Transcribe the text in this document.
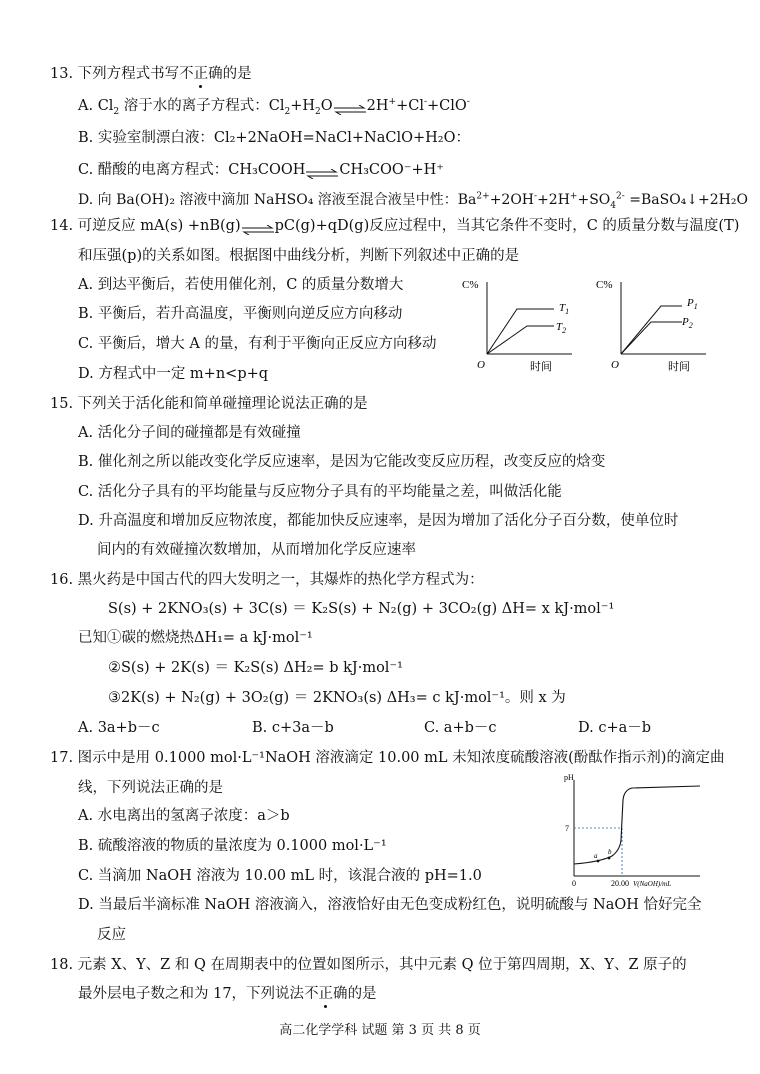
13. 下列方程式书写不正确的是
A. $Cl_2$ 溶于水的离子方程式：$Cl_2+H_2O\rightleftharpoons 2H^++Cl^-+ClO^-$
B. 实验室制漂白液：Cl₂+2NaOH=NaCl+NaClO+H₂O：
C. 醋酸的电离方程式：CH₃COOH⇌CH₃COO⁻+H⁺
D. 向 Ba(OH)₂ 溶液中滴加 NaHSO₄ 溶液至混合液呈中性：$Ba^{2+}+2OH^-+2H^++SO_4^{2-}$ =BaSO₄↓+2H₂O
14. 可逆反应 mA(s) +nB(g)⇌pC(g)+qD(g)反应过程中，当其它条件不变时，C 的质量分数与温度(T)
和压强(p)的关系如图。根据图中曲线分析，判断下列叙述中正确的是
A. 到达平衡后，若使用催化剂，C 的质量分数增大
B. 平衡后，若升高温度，平衡则向逆反应方向移动
C. 平衡后，增大 A 的量，有利于平衡向正反应方向移动
D. 方程式中一定 m+n<p+q
C%
O	时间
$T_1$
$T_2$
C%
O	时间
$P_1$
$P_2$
15. 下列关于活化能和简单碰撞理论说法正确的是
A. 活化分子间的碰撞都是有效碰撞
B. 催化剂之所以能改变化学反应速率，是因为它能改变反应历程，改变反应的焓变
C. 活化分子具有的平均能量与反应物分子具有的平均能量之差，叫做活化能
D. 升高温度和增加反应物浓度，都能加快反应速率，是因为增加了活化分子百分数，使单位时
间内的有效碰撞次数增加，从而增加化学反应速率
16. 黑火药是中国古代的四大发明之一，其爆炸的热化学方程式为：
S(s) + 2KNO₃(s) + 3C(s) ＝ K₂S(s) + N₂(g) + 3CO₂(g) ΔH= x kJ·mol⁻¹
已知①碳的燃烧热ΔH₁= a kJ·mol⁻¹
②S(s) + 2K(s) ＝ K₂S(s) ΔH₂= b kJ·mol⁻¹
③2K(s) + N₂(g) + 3O₂(g) ＝ 2KNO₃(s) ΔH₃= c kJ·mol⁻¹。则 x 为
A. 3a+b－c	B. c+3a－b	C. a+b－c	D. c+a－b
17. 图示中是用 0.1000 mol·L⁻¹NaOH 溶液滴定 10.00 mL 未知浓度硫酸溶液(酚酞作指示剂)的滴定曲
线，下列说法正确的是
A. 水电离出的氢离子浓度：a＞b
B. 硫酸溶液的物质的量浓度为 0.1000 mol·L⁻¹
C. 当滴加 NaOH 溶液为 10.00 mL 时，该混合液的 pH=1.0
D. 当最后半滴标准 NaOH 溶液滴入，溶液恰好由无色变成粉红色，说明硫酸与 NaOH 恰好完全
反应
pH
7
0	20.00 V(NaOH)/mL
a b
18. 元素 X、Y、Z 和 Q 在周期表中的位置如图所示，其中元素 Q 位于第四周期，X、Y、Z 原子的
最外层电子数之和为 17，下列说法不正确的是
高二化学学科 试题 第 3 页 共 8 页
